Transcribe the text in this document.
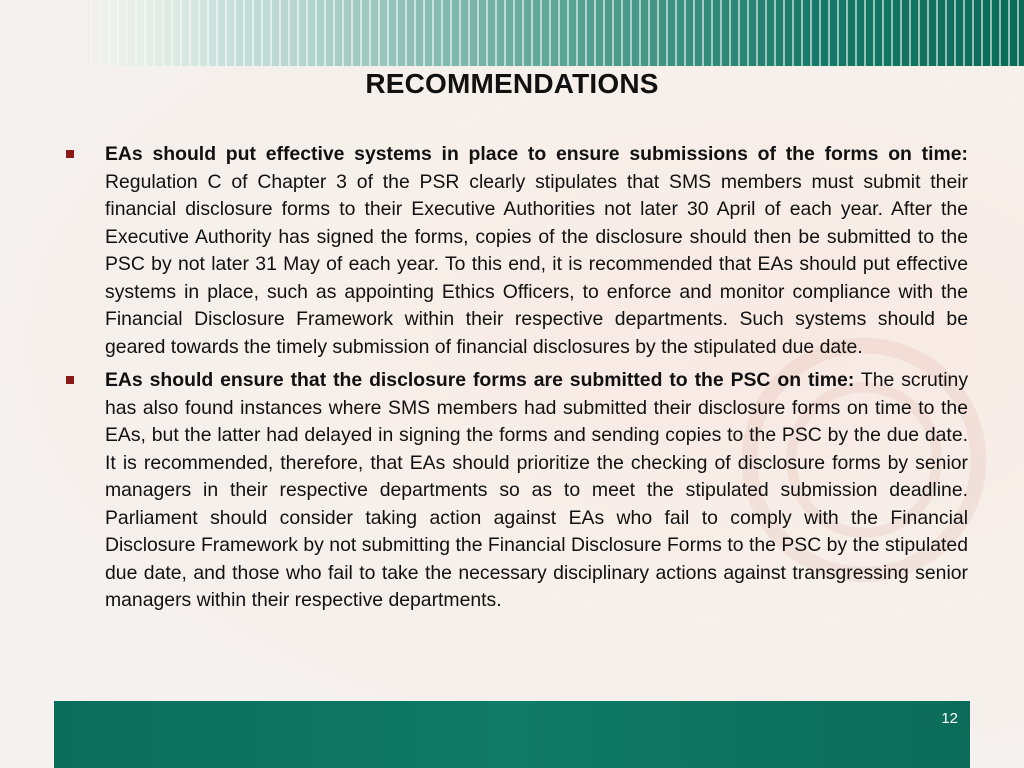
RECOMMENDATIONS
EAs should put effective systems in place to ensure submissions of the forms on time: Regulation C of Chapter 3 of the PSR clearly stipulates that SMS members must submit their financial disclosure forms to their Executive Authorities not later 30 April of each year. After the Executive Authority has signed the forms, copies of the disclosure should then be submitted to the PSC by not later 31 May of each year. To this end, it is recommended that EAs should put effective systems in place, such as appointing Ethics Officers, to enforce and monitor compliance with the Financial Disclosure Framework within their respective departments. Such systems should be geared towards the timely submission of financial disclosures by the stipulated due date.
EAs should ensure that the disclosure forms are submitted to the PSC on time: The scrutiny has also found instances where SMS members had submitted their disclosure forms on time to the EAs, but the latter had delayed in signing the forms and sending copies to the PSC by the due date. It is recommended, therefore, that EAs should prioritize the checking of disclosure forms by senior managers in their respective departments so as to meet the stipulated submission deadline. Parliament should consider taking action against EAs who fail to comply with the Financial Disclosure Framework by not submitting the Financial Disclosure Forms to the PSC by the stipulated due date, and those who fail to take the necessary disciplinary actions against transgressing senior managers within their respective departments.
12
